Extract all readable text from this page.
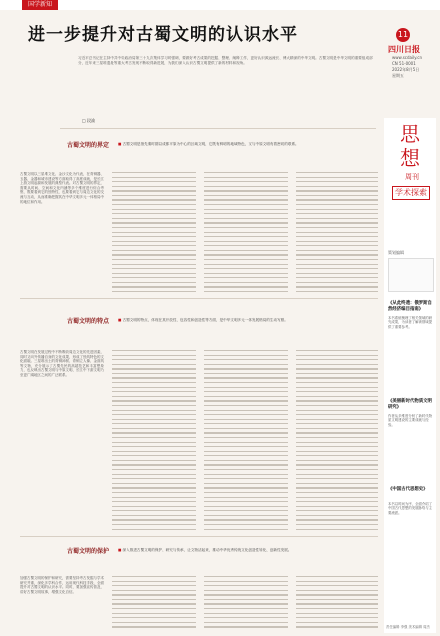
国学新知
进一步提升对古蜀文明的认识水平	11
四川日报
www.scdaily.cn
CN 51-0001
2022年8月5日
星期五
习近平总书记在主持中共中央政治局第三十九次集体学习时强调，要做好考古成果的挖掘、整理、阐释工作，更好认识源远流长、博大精深的中华文明。古蜀文明是中华文明的重要组成部分，近年来三星堆遗址等重大考古发现不断取得新进展，为我们深入认识古蜀文明提供了新的材料和视角。
□ 段渝
古蜀文明的界定	■ 古蜀文明是指先秦时期以成都平原为中心的区域文明，它既有鲜明的地域特色，又与中原文明有着密切的联系。
古蜀文明以三星堆文化、金沙文化为代表，在青铜器、玉器、金器和城市建设等方面取得了高度成就，是长江上游文明起源和发展的典型代表。对古蜀文明的界定，需要从时间、空间和文化内涵等多个维度进行综合考察，既要看到它的独特性，也要看到它与周边文化的交流与互动，从而准确把握其在中华文明多元一体格局中的地位和作用。
古蜀文明的特点	■ 古蜀文明的特点，体现在其开放性、包容性和创造性等方面，是中华文明多元一体发展格局的生动写照。
古蜀文明在发展过程中不断吸收周边文化的先进因素，同时又向外传播自身的文化成果，形成了独具特色的文化面貌。三星堆出土的青铜神树、青铜立人像、金面具等文物，充分展示了古蜀先民的高超技艺和丰富想象力，也反映出古蜀文明与中原文明、长江中下游文明乃至更广阔地区之间的广泛联系。
古蜀文明的保护	■ 深入推进古蜀文明的保护、研究与传承，让文物活起来，推动中华优秀传统文化创造性转化、创新性发展。
加强古蜀文明的保护和研究，需要坚持考古发掘与学术研究并重，深化多学科合作，运用现代科技手段，全面提升对古蜀文明的认识水平。同时，要加强宣传普及，讲好古蜀文明故事，增强文化自信。
思想
周刊
学术探索
策划编辑
《从此终遗：俄罗斯自然经济编目指南》
本书系统梳理了相关领域的研究成果，为读者了解该领域提供了重要参考。
《美丽新时代物质文明研究》
作者从多维度分析了新时代物质文明建设的主要成就与经验。
《中国古代思想史》
本书以时间为序，全面介绍了中国古代思想的发展脉络与主要流派。
责任编辑 李强 美术编辑 周杰
